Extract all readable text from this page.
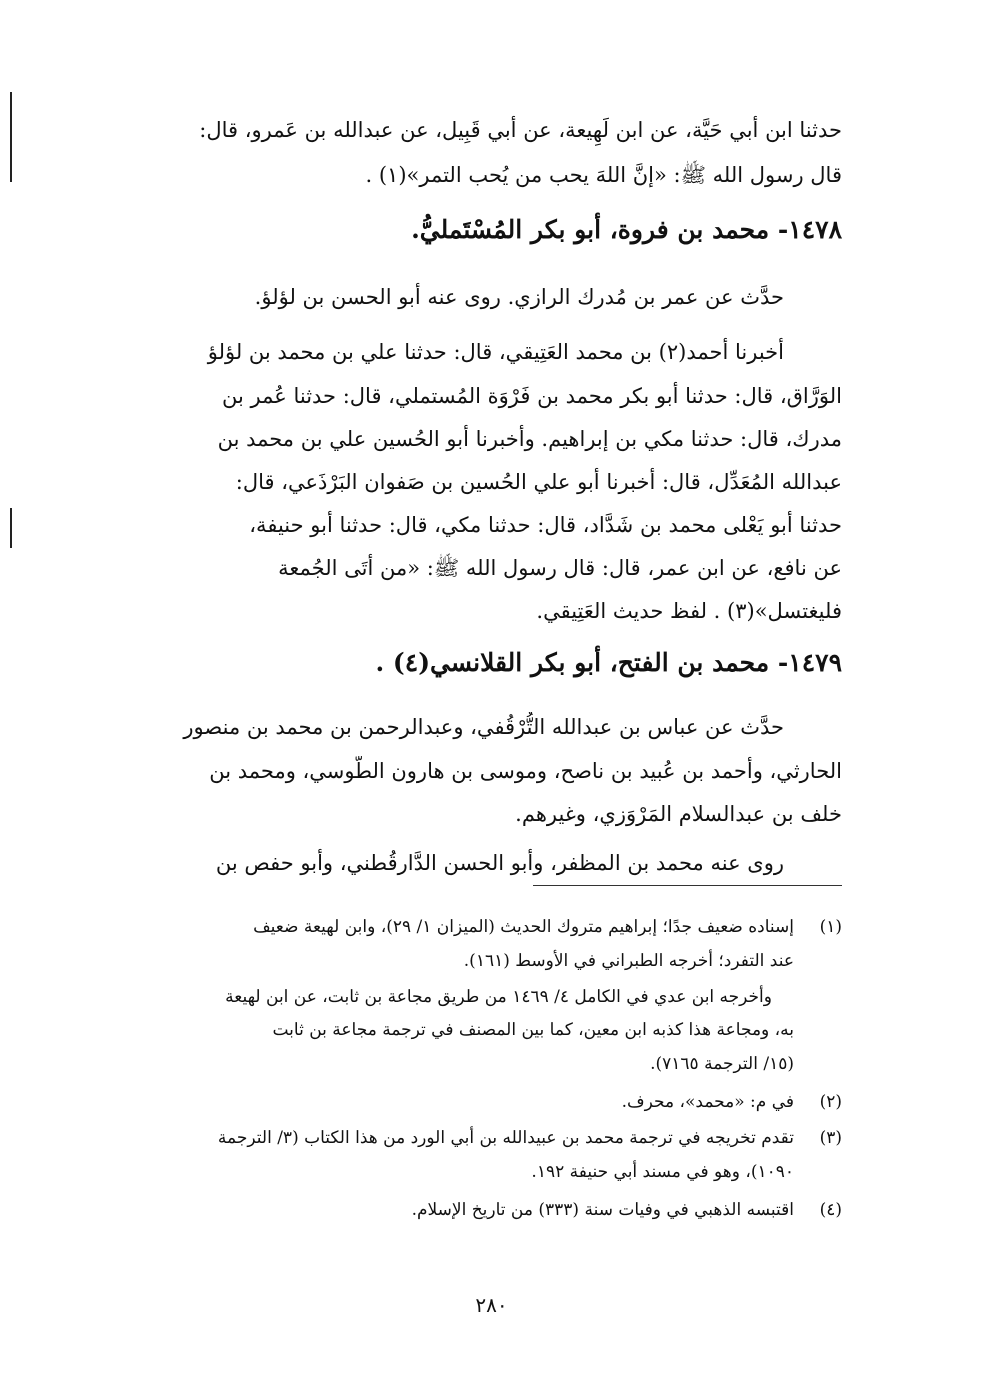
حدثنا ابن أبي حَيَّة، عن ابن لَهِيعة، عن أبي قَبِيل، عن عبدالله بن عَمرو، قال:
قال رسول الله ﷺ: «إنَّ اللهَ يحب من يُحب التمر»(١) .
١٤٧٨- محمد بن فروة، أبو بكر المُسْتَمليُّ.
حدَّث عن عمر بن مُدرك الرازي. روى عنه أبو الحسن بن لؤلؤ.
أخبرنا أحمد(٢) بن محمد العَتِيقي، قال: حدثنا علي بن محمد بن لؤلؤ
الوَرَّاق، قال: حدثنا أبو بكر محمد بن فَرْوَة المُستملي، قال: حدثنا عُمر بن
مدرك، قال: حدثنا مكي بن إبراهيم. وأخبرنا أبو الحُسين علي بن محمد بن
عبدالله المُعَدِّل، قال: أخبرنا أبو علي الحُسين بن صَفوان البَرْذَعي، قال:
حدثنا أبو يَعْلى محمد بن شَدَّاد، قال: حدثنا مكي، قال: حدثنا أبو حنيفة،
عن نافع، عن ابن عمر، قال: قال رسول الله ﷺ: «من أتَى الجُمعة
فليغتسل»(٣) . لفظ حديث العَتِيقي.
١٤٧٩- محمد بن الفتح، أبو بكر القلانسي(٤) .
حدَّث عن عباس بن عبدالله التُّرْقُفي، وعبدالرحمن بن محمد بن منصور
الحارثي، وأحمد بن عُبيد بن ناصح، وموسى بن هارون الطُّوسي، ومحمد بن
خلف بن عبدالسلام المَرْوَزي، وغيرهم.
روى عنه محمد بن المظفر، وأبو الحسن الدَّارقُطني، وأبو حفص بن
(١)إسناده ضعيف جدًا؛ إبراهيم متروك الحديث (الميزان ١/ ٢٩)، وابن لهيعة ضعيف
عند التفرد؛ أخرجه الطبراني في الأوسط (١٦١).
وأخرجه ابن عدي في الكامل ٤/ ١٤٦٩ من طريق مجاعة بن ثابت، عن ابن لهيعة
به، ومجاعة هذا كذبه ابن معين، كما بين المصنف في ترجمة مجاعة بن ثابت
(١٥/ الترجمة ٧١٦٥).
(٢)في م: «محمد»، محرف.
(٣)تقدم تخريجه في ترجمة محمد بن عبيدالله بن أبي الورد من هذا الكتاب (٣/ الترجمة
١٠٩٠)، وهو في مسند أبي حنيفة ١٩٢.
(٤)اقتبسه الذهبي في وفيات سنة (٣٣٣) من تاريخ الإسلام.
٢٨٠
